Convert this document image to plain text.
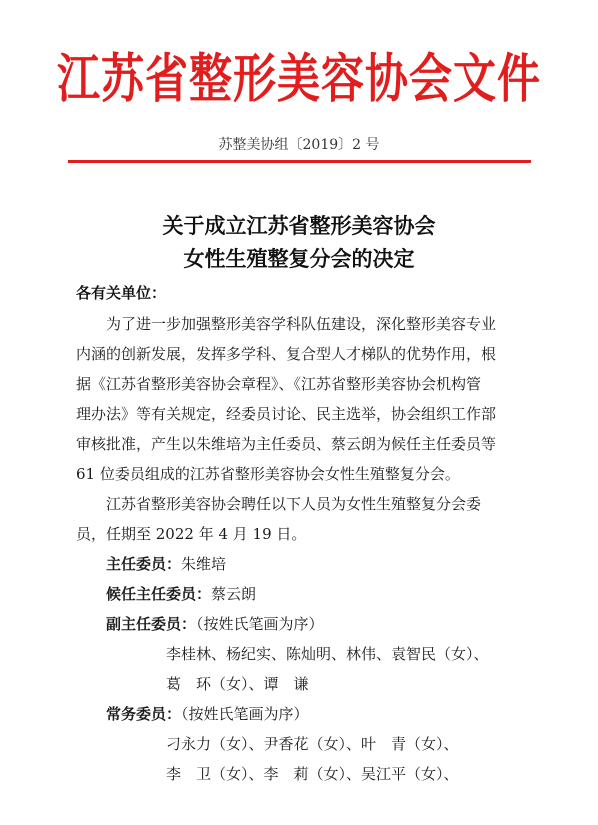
江苏省整形美容协会文件
苏整美协组〔2019〕2 号
关于成立江苏省整形美容协会
女性生殖整复分会的决定
各有关单位：
为了进一步加强整形美容学科队伍建设，深化整形美容专业
内涵的创新发展，发挥多学科、复合型人才梯队的优势作用，根
据《江苏省整形美容协会章程》、《江苏省整形美容协会机构管
理办法》等有关规定，经委员讨论、民主选举，协会组织工作部
审核批准，产生以朱维培为主任委员、蔡云朗为候任主任委员等
61 位委员组成的江苏省整形美容协会女性生殖整复分会。
江苏省整形美容协会聘任以下人员为女性生殖整复分会委
员，任期至 2022 年 4 月 19 日。
主任委员：朱维培
候任主任委员：蔡云朗
副主任委员：（按姓氏笔画为序）
李桂林、杨纪实、陈灿明、林伟、袁智民（女）、
葛　环（女）、谭　谦
常务委员：（按姓氏笔画为序）
刁永力（女）、尹香花（女）、叶　青（女）、
李　卫（女）、李　莉（女）、吴江平（女）、
